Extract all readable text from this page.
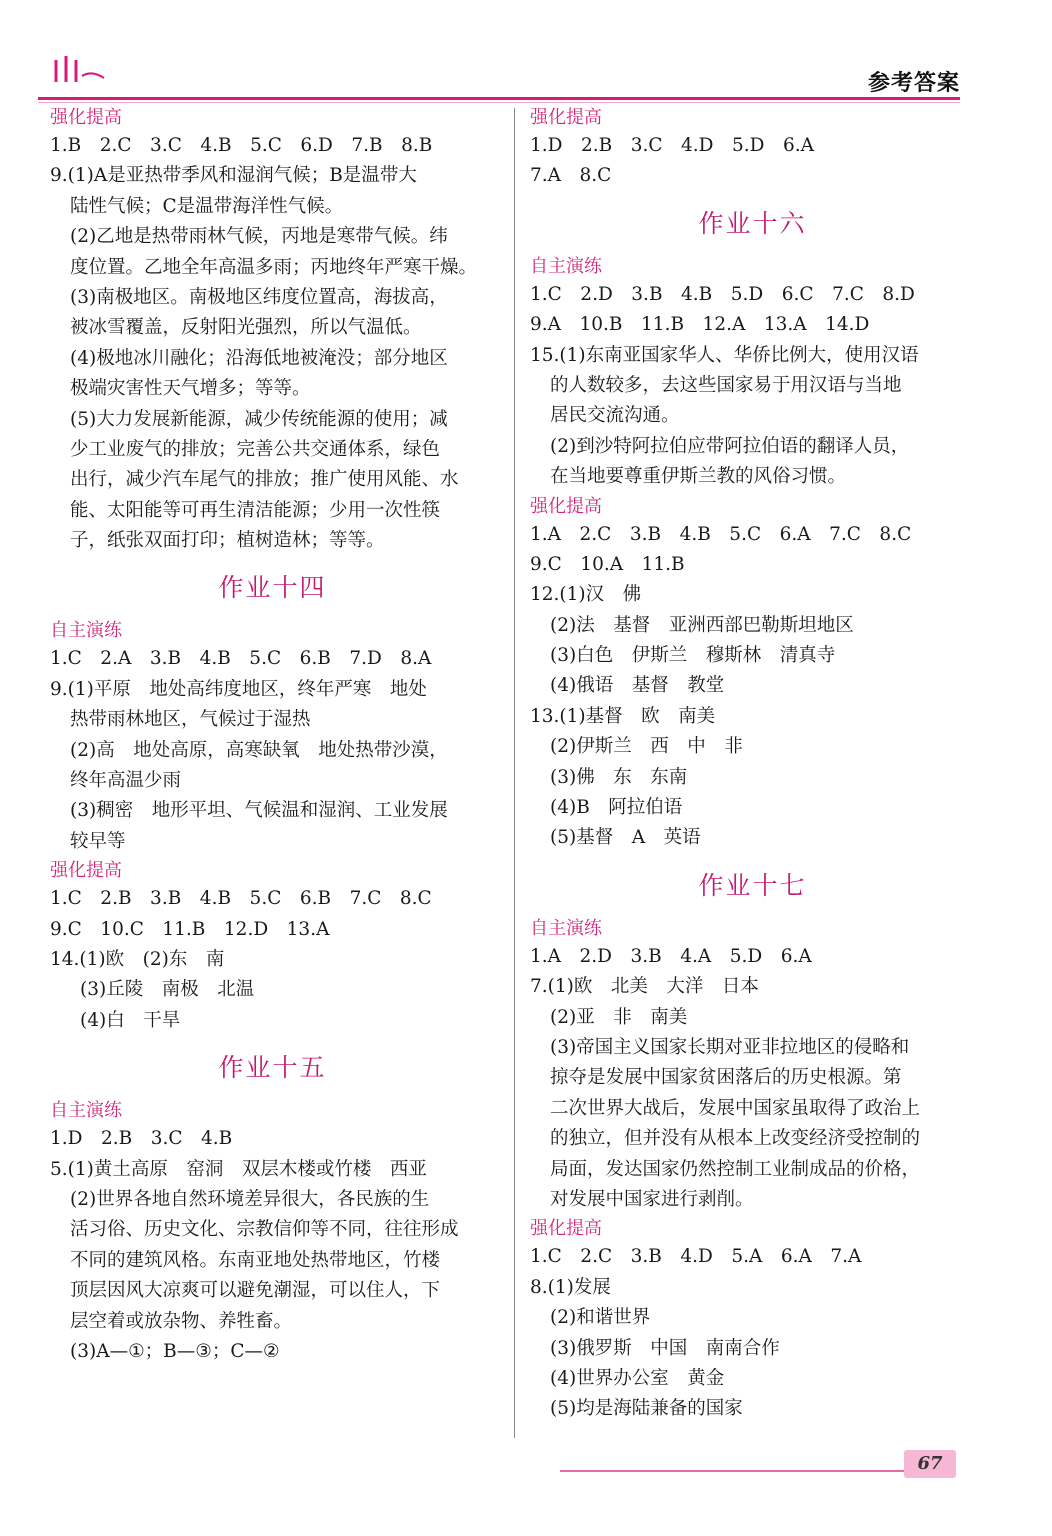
参考答案
强化提高
1.B　2.C　3.C　4.B　5.C　6.D　7.B　8.B
9.(1)A是亚热带季风和湿润气候；B是温带大
陆性气候；C是温带海洋性气候。
(2)乙地是热带雨林气候，丙地是寒带气候。纬
度位置。乙地全年高温多雨；丙地终年严寒干燥。
(3)南极地区。南极地区纬度位置高，海拔高，
被冰雪覆盖，反射阳光强烈，所以气温低。
(4)极地冰川融化；沿海低地被淹没；部分地区
极端灾害性天气增多；等等。
(5)大力发展新能源，减少传统能源的使用；减
少工业废气的排放；完善公共交通体系，绿色
出行，减少汽车尾气的排放；推广使用风能、水
能、太阳能等可再生清洁能源；少用一次性筷
子，纸张双面打印；植树造林；等等。
作业十四
自主演练
1.C　2.A　3.B　4.B　5.C　6.B　7.D　8.A
9.(1)平原　地处高纬度地区，终年严寒　地处
热带雨林地区，气候过于湿热
(2)高　地处高原，高寒缺氧　地处热带沙漠，
终年高温少雨
(3)稠密　地形平坦、气候温和湿润、工业发展
较早等
强化提高
1.C　2.B　3.B　4.B　5.C　6.B　7.C　8.C
9.C　10.C　11.B　12.D　13.A
14.(1)欧　(2)东　南
(3)丘陵　南极　北温
(4)白　干旱
作业十五
自主演练
1.D　2.B　3.C　4.B
5.(1)黄土高原　窑洞　双层木楼或竹楼　西亚
(2)世界各地自然环境差异很大，各民族的生
活习俗、历史文化、宗教信仰等不同，往往形成
不同的建筑风格。东南亚地处热带地区，竹楼
顶层因风大凉爽可以避免潮湿，可以住人，下
层空着或放杂物、养牲畜。
(3)A—①；B—③；C—②
强化提高
1.D　2.B　3.C　4.D　5.D　6.A
7.A　8.C
作业十六
自主演练
1.C　2.D　3.B　4.B　5.D　6.C　7.C　8.D
9.A　10.B　11.B　12.A　13.A　14.D
15.(1)东南亚国家华人、华侨比例大，使用汉语
的人数较多，去这些国家易于用汉语与当地
居民交流沟通。
(2)到沙特阿拉伯应带阿拉伯语的翻译人员，
在当地要尊重伊斯兰教的风俗习惯。
强化提高
1.A　2.C　3.B　4.B　5.C　6.A　7.C　8.C
9.C　10.A　11.B
12.(1)汉　佛
(2)法　基督　亚洲西部巴勒斯坦地区
(3)白色　伊斯兰　穆斯林　清真寺
(4)俄语　基督　教堂
13.(1)基督　欧　南美
(2)伊斯兰　西　中　非
(3)佛　东　东南
(4)B　阿拉伯语
(5)基督　A　英语
作业十七
自主演练
1.A　2.D　3.B　4.A　5.D　6.A
7.(1)欧　北美　大洋　日本
(2)亚　非　南美
(3)帝国主义国家长期对亚非拉地区的侵略和
掠夺是发展中国家贫困落后的历史根源。第
二次世界大战后，发展中国家虽取得了政治上
的独立，但并没有从根本上改变经济受控制的
局面，发达国家仍然控制工业制成品的价格，
对发展中国家进行剥削。
强化提高
1.C　2.C　3.B　4.D　5.A　6.A　7.A
8.(1)发展
(2)和谐世界
(3)俄罗斯　中国　南南合作
(4)世界办公室　黄金
(5)均是海陆兼备的国家
67
